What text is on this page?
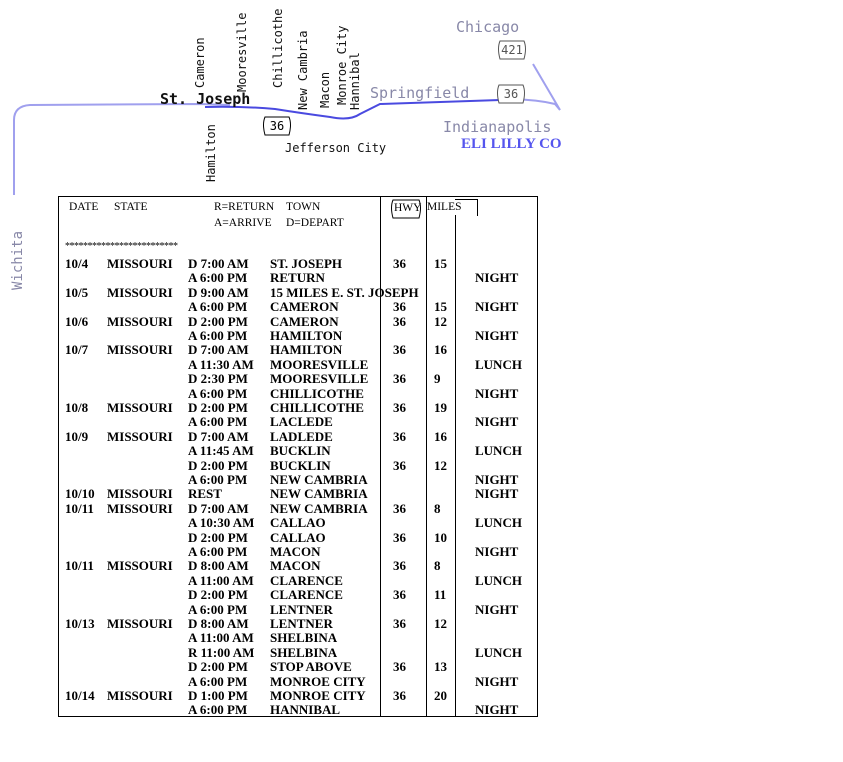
Cameron Mooresville Chillicothe New Cambria Macon Monroe City Hannibal
Hamilton
St. Joseph	Springfield
Jefferson City
Chicago
Indianapolis
ELI LILLY CO
Wichita
36
36
421
DATE STATE	R=RETURN TOWN
A=ARRIVE D=DEPART
HWY MILES
*************************
10/4 MISSOURI D 7:00 AM ST. JOSEPH	36 15
A 6:00 PM RETURN	NIGHT
10/5 MISSOURI D 9:00 AM 15 MILES E. ST. JOSEPH
A 6:00 PM CAMERON	36 15 NIGHT
10/6 MISSOURI D 2:00 PM CAMERON	36 12
A 6:00 PM HAMILTON	NIGHT
10/7 MISSOURI D 7:00 AM HAMILTON	36 16
A 11:30 AM MOORESVILLE	LUNCH
D 2:30 PM MOORESVILLE 36 9
A 6:00 PM CHILLICOTHE	NIGHT
10/8 MISSOURI D 2:00 PM CHILLICOTHE 36 19
A 6:00 PM LACLEDE	NIGHT
10/9 MISSOURI D 7:00 AM LADLEDE	36 16
A 11:45 AM BUCKLIN	LUNCH
D 2:00 PM BUCKLIN	36 12
A 6:00 PM NEW CAMBRIA	NIGHT
10/10 MISSOURI REST	NEW CAMBRIA	NIGHT
10/11 MISSOURI D 7:00 AM NEW CAMBRIA 36 8
A 10:30 AM CALLAO	LUNCH
D 2:00 PM CALLAO	36 10
A 6:00 PM MACON	NIGHT
10/11 MISSOURI D 8:00 AM MACON	36 8
A 11:00 AM CLARENCE	LUNCH
D 2:00 PM CLARENCE	36 11
A 6:00 PM LENTNER	NIGHT
10/13 MISSOURI D 8:00 AM LENTNER	36 12
A 11:00 AM SHELBINA
R 11:00 AM SHELBINA	LUNCH
D 2:00 PM STOP ABOVE	36 13
A 6:00 PM MONROE CITY	NIGHT
10/14 MISSOURI D 1:00 PM MONROE CITY 36 20
A 6:00 PM HANNIBAL	NIGHT
